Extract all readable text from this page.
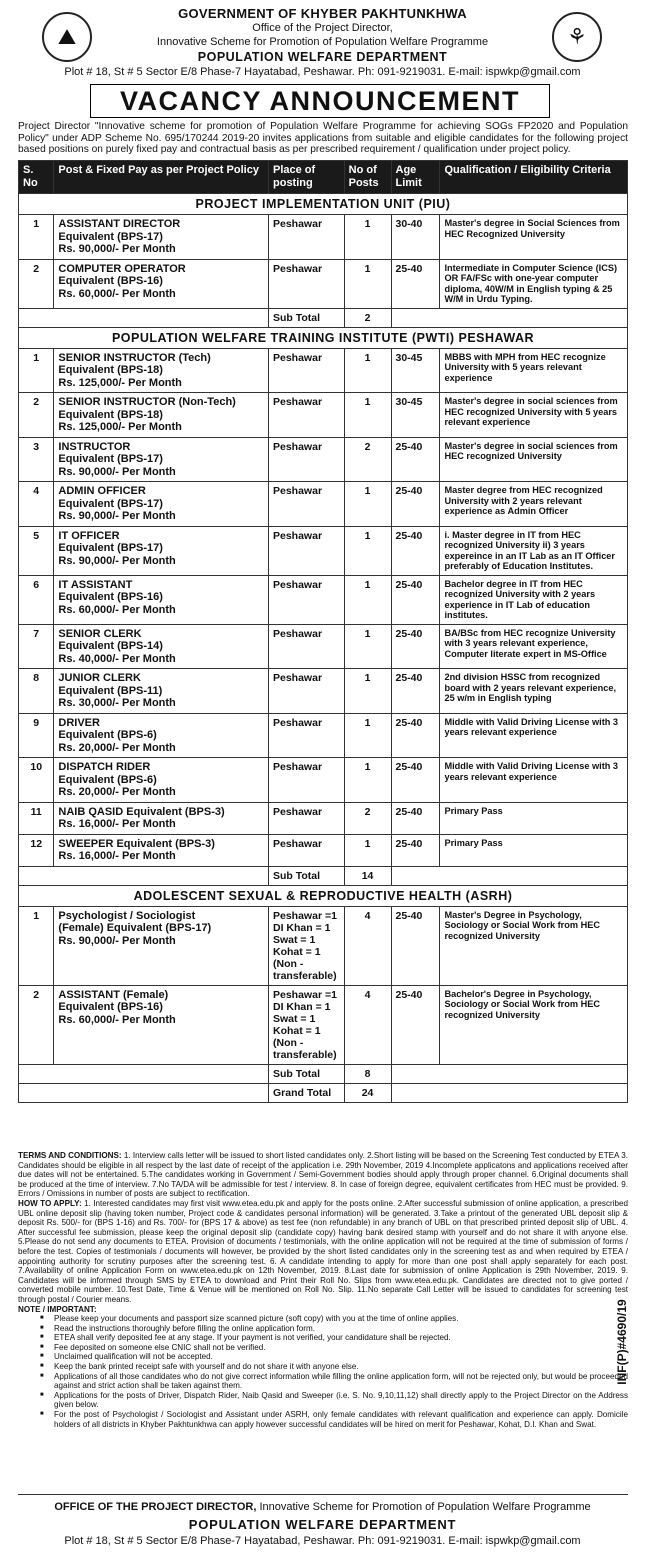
⛰	⚘
GOVERNMENT OF KHYBER PAKHTUNKHWA
Office of the Project Director,
Innovative Scheme for Promotion of Population Welfare Programme
POPULATION WELFARE DEPARTMENT
Plot # 18, St # 5 Sector E/8 Phase-7 Hayatabad, Peshawar. Ph: 091-9219031. E-mail: ispwkp@gmail.com
VACANCY ANNOUNCEMENT
Project Director "Innovative scheme for promotion of Population Welfare Programme for achieving SOGs FP2020 and Population Policy" under ADP Scheme No. 695/170244 2019-20 invites applications from suitable and eligible candidates for the following project based positions on purely fixed pay and contractual basis as per prescribed requirement / qualification under project policy.
S. No	Post & Fixed Pay as per Project Policy	Place of posting	No of Posts	Age Limit	Qualification / Eligibility Criteria
PROJECT IMPLEMENTATION UNIT (PIU)					
1	ASSISTANT DIRECTOR
Equivalent (BPS-17)
Rs. 90,000/- Per Month	Peshawar	1	30-40	Master's degree in Social Sciences from HEC Recognized University
2	COMPUTER OPERATOR
Equivalent (BPS-16)
Rs. 60,000/- Per Month	Peshawar	1	25-40	Intermediate in Computer Science (ICS) OR FA/FSc with one-year computer diploma, 40W/M in English typing & 25 W/M in Urdu Typing.
		Sub Total	2		
POPULATION WELFARE TRAINING INSTITUTE (PWTI) PESHAWAR					
1	SENIOR INSTRUCTOR (Tech)
Equivalent (BPS-18)
Rs. 125,000/- Per Month	Peshawar	1	30-45	MBBS with MPH from HEC recognize University with 5 years relevant experience
2	SENIOR INSTRUCTOR (Non-Tech)
Equivalent (BPS-18)
Rs. 125,000/- Per Month	Peshawar	1	30-45	Master's degree in social sciences from HEC recognized University with 5 years relevant experience
3	INSTRUCTOR
Equivalent (BPS-17)
Rs. 90,000/- Per Month	Peshawar	2	25-40	Master's degree in social sciences from HEC recognized University
4	ADMIN OFFICER
Equivalent (BPS-17)
Rs. 90,000/- Per Month	Peshawar	1	25-40	Master degree from HEC recognized University with 2 years relevant experience as Admin Officer
5	IT OFFICER
Equivalent (BPS-17)
Rs. 90,000/- Per Month	Peshawar	1	25-40	i. Master degree in IT from HEC recognized University ii) 3 years expereince in an IT Lab as an IT Officer preferably of Education Institutes.
6	IT ASSISTANT
Equivalent (BPS-16)
Rs. 60,000/- Per Month	Peshawar	1	25-40	Bachelor degree in IT from HEC recognized University with 2 years experience in IT Lab of education institutes.
7	SENIOR CLERK
Equivalent (BPS-14)
Rs. 40,000/- Per Month	Peshawar	1	25-40	BA/BSc from HEC recognize University with 3 years relevant experience, Computer literate expert in MS-Office
8	JUNIOR CLERK
Equivalent (BPS-11)
Rs. 30,000/- Per Month	Peshawar	1	25-40	2nd division HSSC from recognized board with 2 years relevant experience, 25 w/m in English typing
9	DRIVER
Equivalent (BPS-6)
Rs. 20,000/- Per Month	Peshawar	1	25-40	Middle with Valid Driving License with 3 years relevant experience
10	DISPATCH RIDER
Equivalent (BPS-6)
Rs. 20,000/- Per Month	Peshawar	1	25-40	Middle with Valid Driving License with 3 years relevant experience
11	NAIB QASID Equivalent (BPS-3)
Rs. 16,000/- Per Month	Peshawar	2	25-40	Primary Pass
12	SWEEPER Equivalent (BPS-3)
Rs. 16,000/- Per Month	Peshawar	1	25-40	Primary Pass
		Sub Total	14		
ADOLESCENT SEXUAL & REPRODUCTIVE HEALTH (ASRH)					
1	Psychologist / Sociologist
(Female) Equivalent (BPS-17)
Rs. 90,000/- Per Month	Peshawar =1 DI Khan = 1 Swat = 1 Kohat = 1 (Non - transferable)	4	25-40	Master's Degree in Psychology, Sociology or Social Work from HEC recognized University
2	ASSISTANT (Female)
Equivalent (BPS-16)
Rs. 60,000/- Per Month	Peshawar =1 DI Khan = 1 Swat = 1 Kohat = 1 (Non - transferable)	4	25-40	Bachelor's Degree in Psychology, Sociology or Social Work from HEC recognized University
		Sub Total	8		
		Grand Total	24		

TERMS AND CONDITIONS: 1. Interview calls letter will be issued to short listed candidates only. 2.Short listing will be based on the Screening Test conducted by ETEA 3. Candidates should be eligible in all respect by the last date of receipt of the application i.e. 29th November, 2019 4.Incomplete applicatons and applications received after due dates will not be entertained. 5.The candidates working in Government / Semi-Government bodies should apply through proper channel. 6.Original documents shall be produced at the time of interview. 7.No TA/DA will be admissible for test / interview. 8. In case of foreign degree, equivalent certificates from HEC must be provided. 9. Errors / Omissions in number of posts are subject to rectification.

HOW TO APPLY: 1. Interested candidates may first visit www.etea.edu.pk and apply for the posts online. 2.After successful submission of online application, a prescribed UBL online deposit slip (having token number, Project code & candidates personal information) will be generated. 3.Take a printout of the generated UBL deposit slip & deposit Rs. 500/- for (BPS 1-16) and Rs. 700/- for (BPS 17 & above) as test fee (non refundable) in any branch of UBL on that prescribed printed deposit slip of UBL. 4. After successful fee submission, please keep the original deposit slip (candidate copy) having bank desired stamp with yourself and do not share it with anyone else. 5.Please do not send any documents to ETEA. Provision of documents / testimonials, with the online application will not be required at the time of submission of forms / before the test. Copies of testimonials / documents will however, be provided by the short listed candidates only in the screening test as and when required by ETEA / appointing authority for scrutiny purposes after the screening test. 6. A candidate intending to apply for more than one post shall apply separately for each post. 7.Availability of online Application Form on www.etea.edu.pk on 12th November, 2019. 8.Last date for submission of online Application is 29th November, 2019. 9. Candidates will be informed through SMS by ETEA to download and Print their Roll No. Slips from www.etea.edu.pk. Candidates are directed not to give ported / converted mobile number. 10.Test Date, Time & Venue will be mentioned on Roll No. Slip. 11.No separate Call Letter will be issued to candidates for screening test through postal / Courier means.

NOTE / IMPORTANT:

■ Please keep your documents and passport size scanned picture (soft copy) with you at the time of online applies.
■ Read the instructions thoroughly before filling the online application form.
■ ETEA shall verify deposited fee at any stage. If your payment is not verified, your candidature shall be rejected.
■ Fee deposited on someone else CNIC shall not be verified.
■ Unclaimed qualification will not be accepted.
■ Keep the bank printed receipt safe with yourself and do not share it with anyone else.
■ Applications of all those candidates who do not give correct information while filling the online application form, will not be rejected only, but would be proceeded against and strict action shall be taken against them.
■ Applications for the posts of Driver, Dispatch Rider, Naib Qasid and Sweeper (i.e. S. No. 9,10,11,12) shall directly apply to the Project Director on the Address given below.
■ For the post of Psychologist / Sociologist and Assistant under ASRH, only female candidates with relevant qualification and experience can apply. Domicile holders of all districts in Khyber Pakhtunkhwa can apply however successful candidates will be hired on merit for Peshawar, Kohat, D.I. Khan and Swat.
INF(P)#4690/19
OFFICE OF THE PROJECT DIRECTOR, Innovative Scheme for Promotion of Population Welfare Programme
POPULATION WELFARE DEPARTMENT
Plot # 18, St # 5 Sector E/8 Phase-7 Hayatabad, Peshawar. Ph: 091-9219031. E-mail: ispwkp@gmail.com
